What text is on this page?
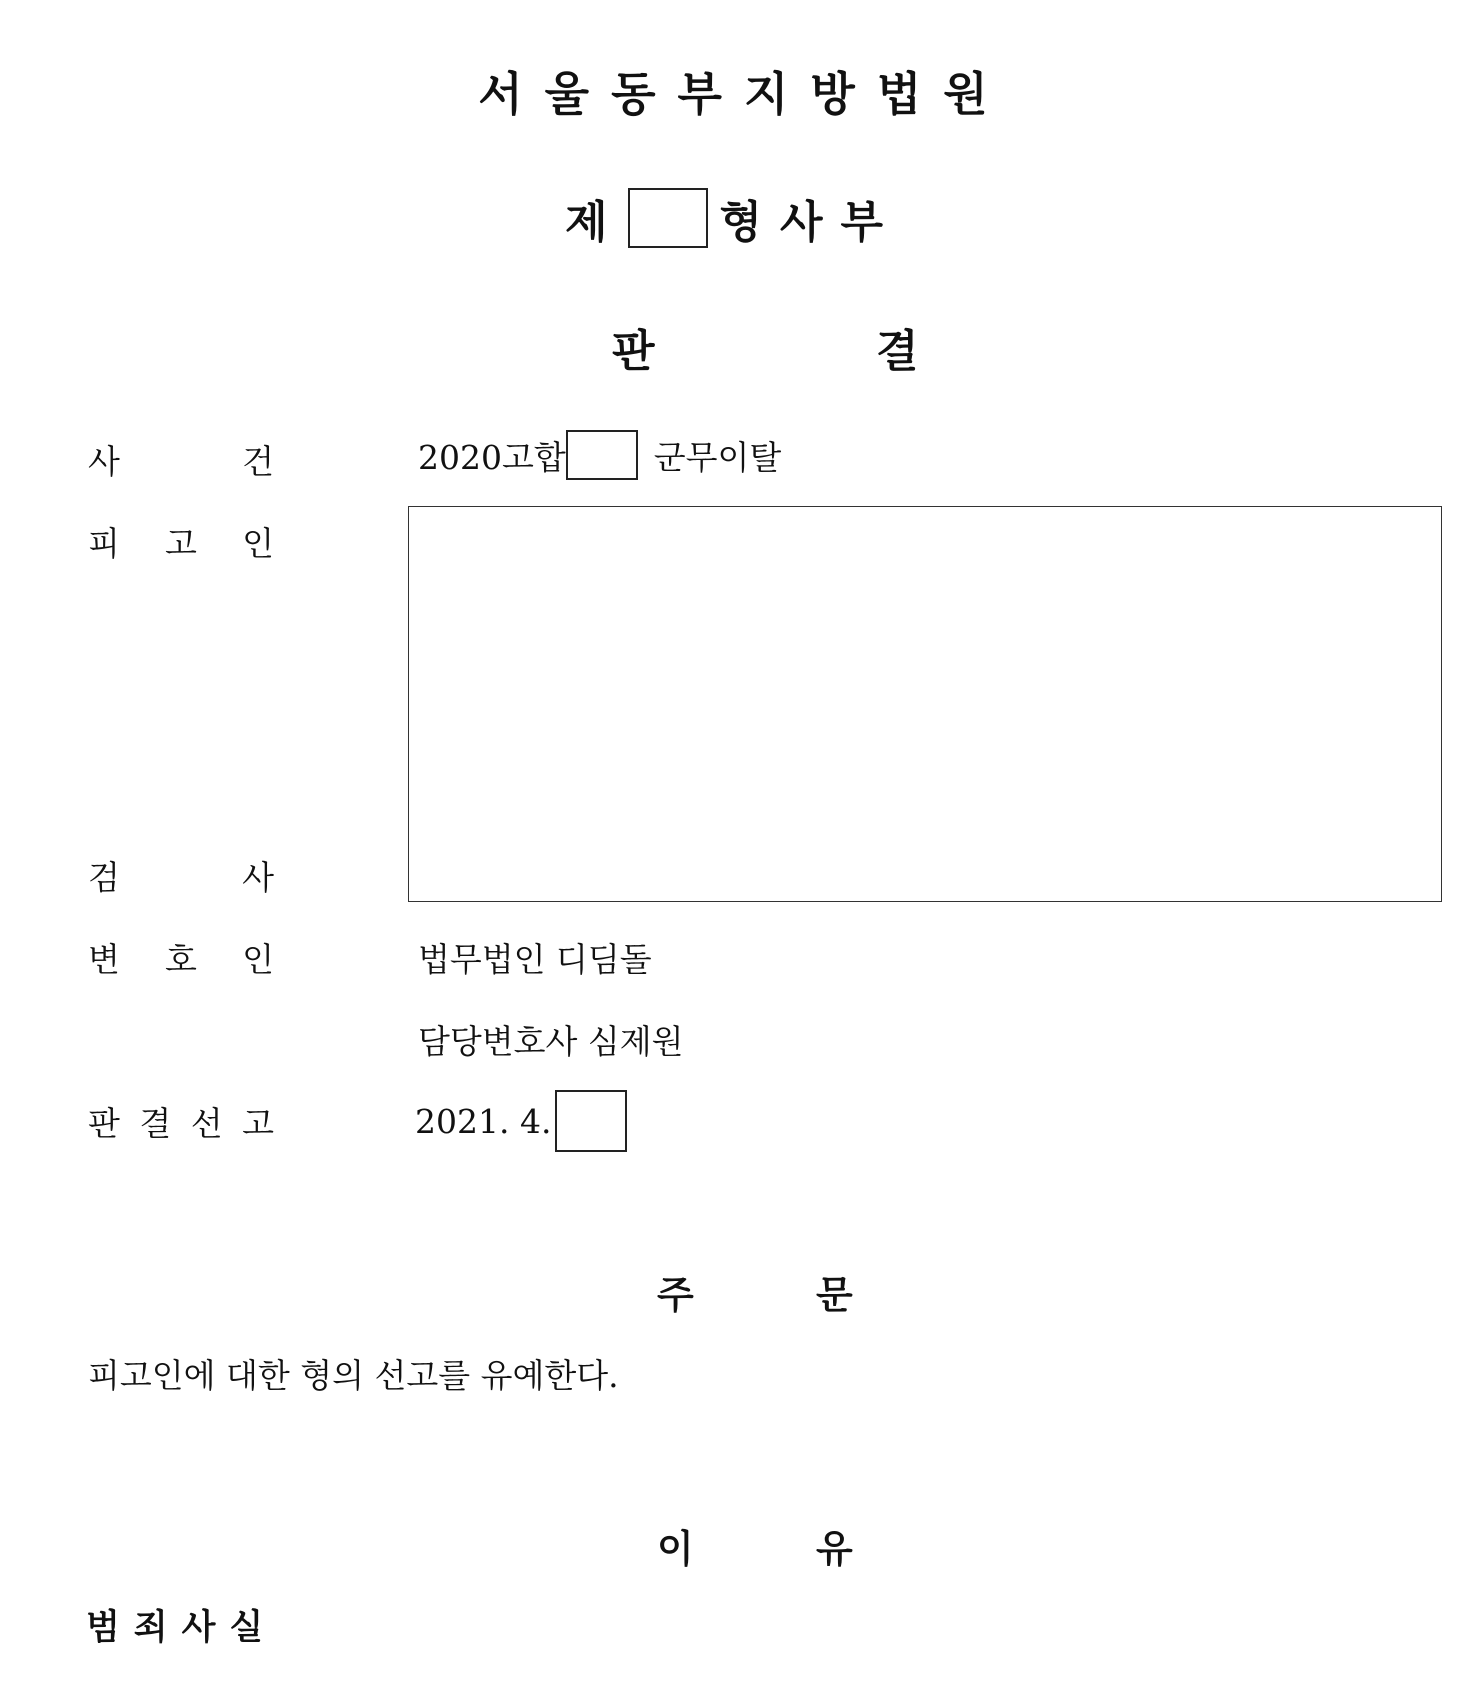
서울동부지방법원
제	형사부
판	결
사	건	2020고합	군무이탈
피 고 인
검	사
변 호 인	법무법인 디딤돌
담당변호사 심제원
판 결 선 고	2021. 4.
주	문
피고인에 대한 형의 선고를 유예한다.
이	유
범죄사실
